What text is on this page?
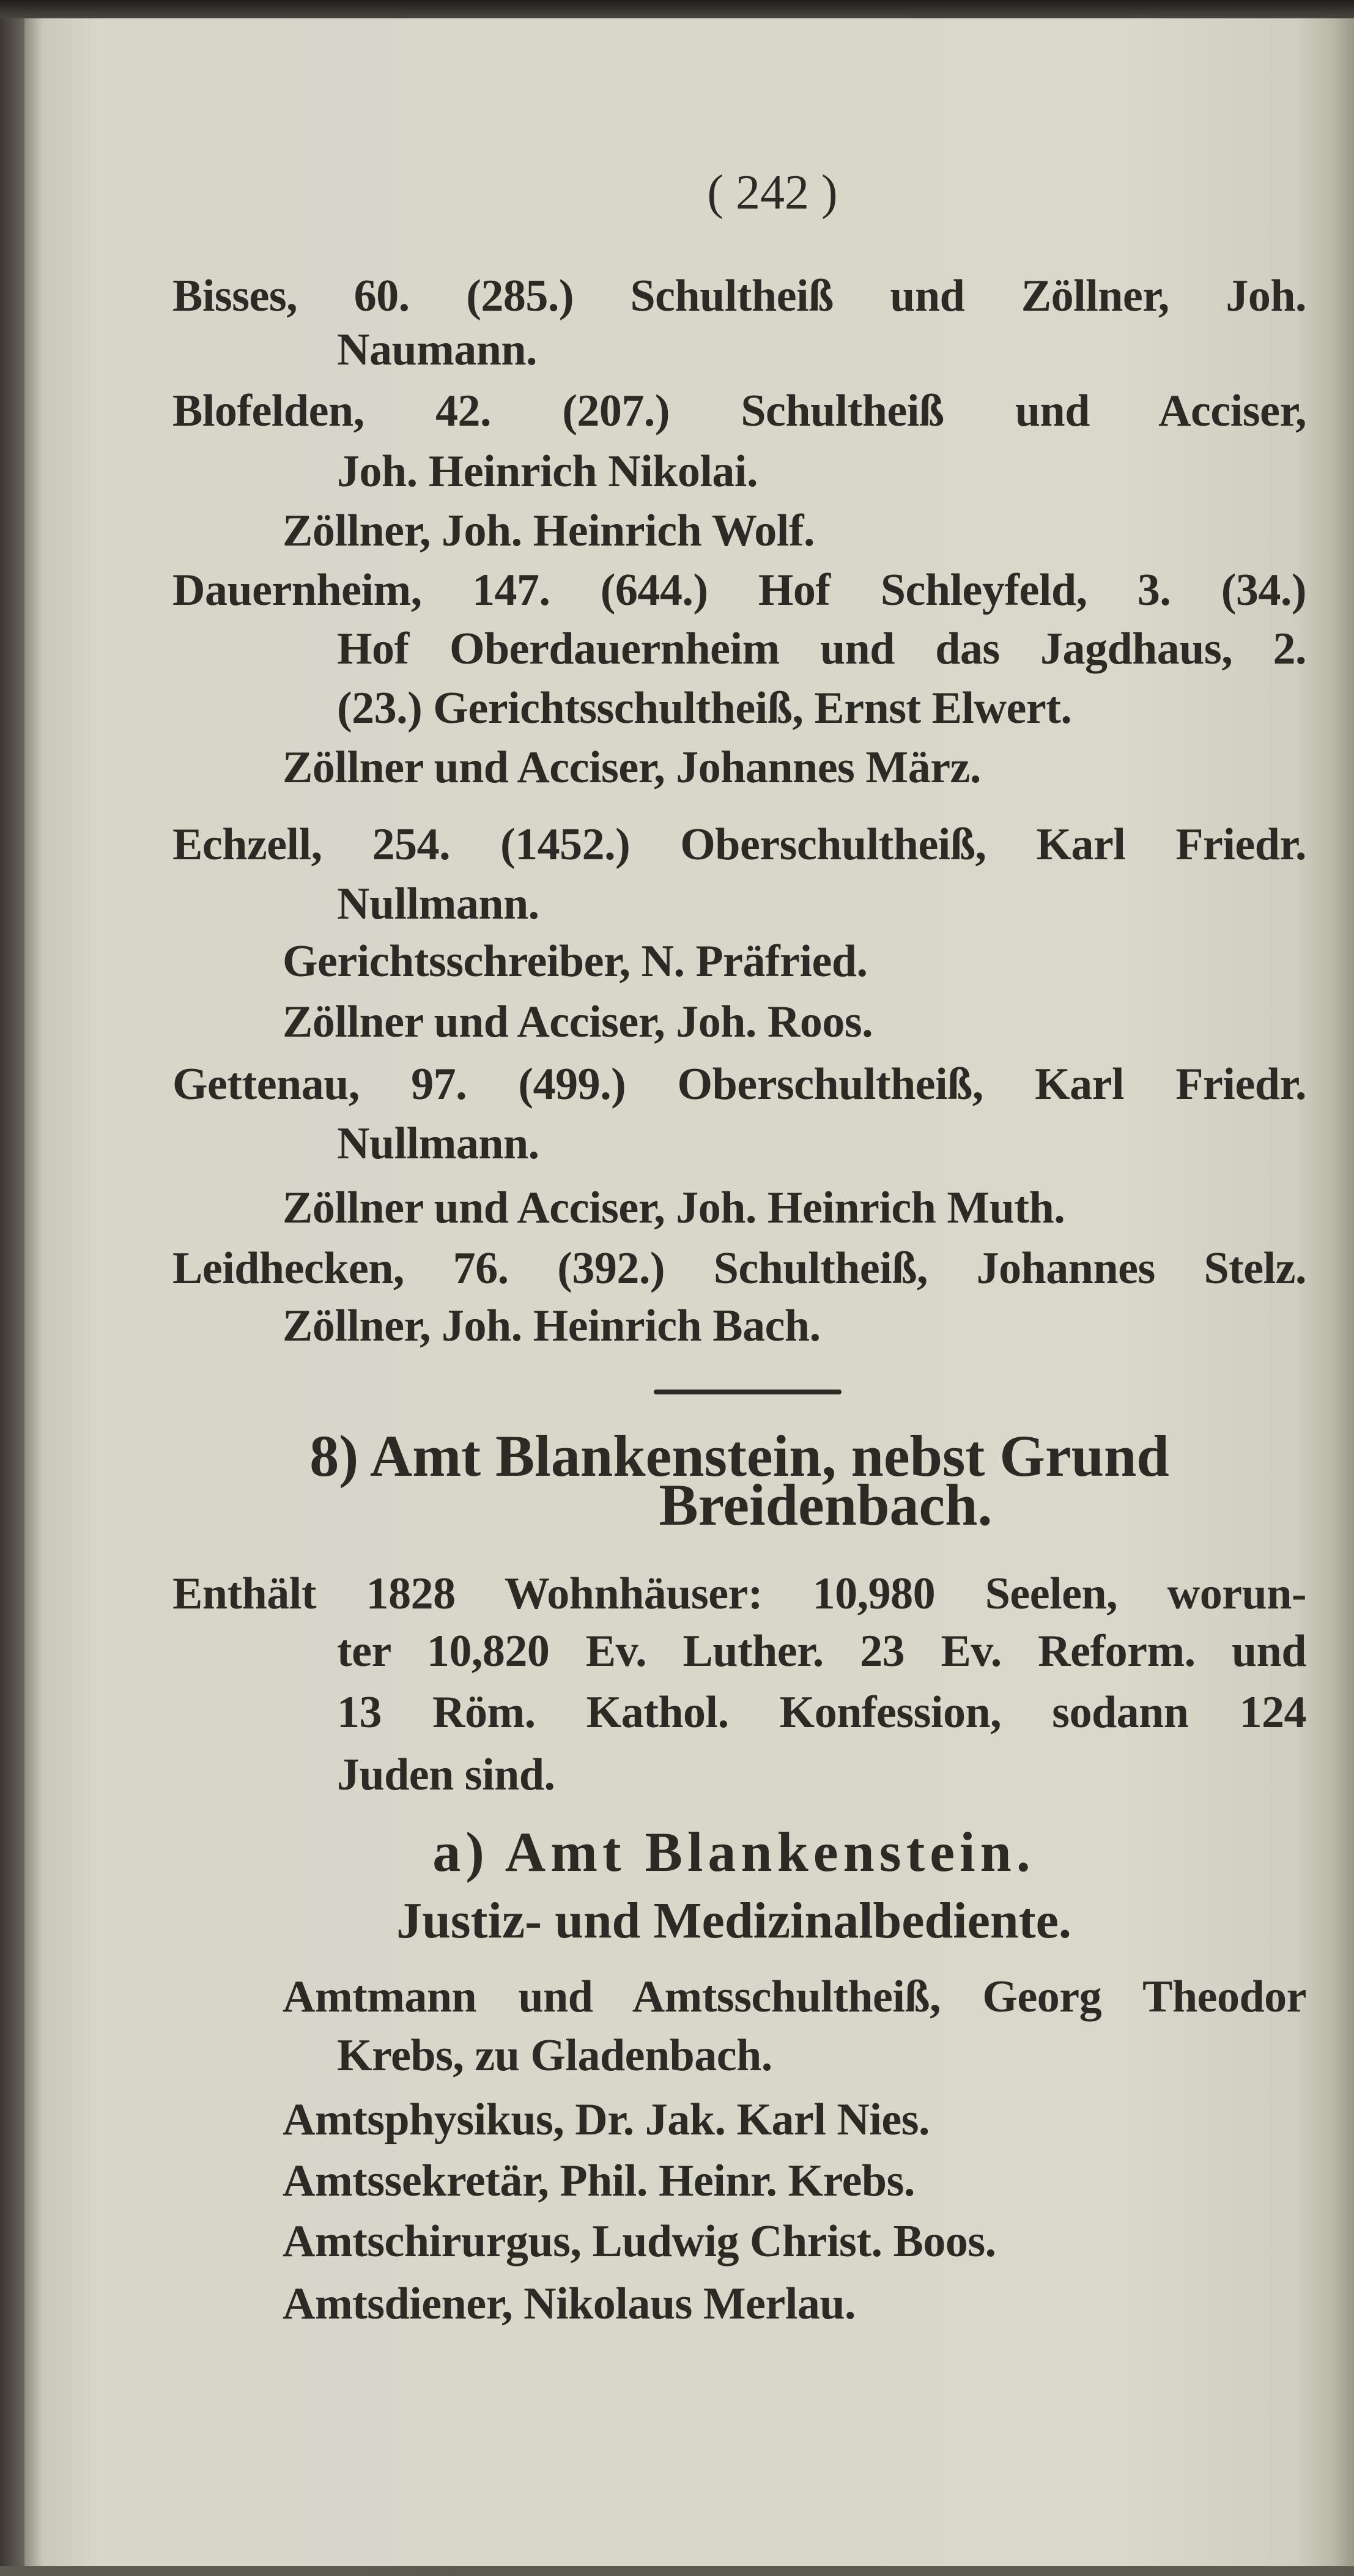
( 242 )
Bisses, 60. (285.) Schultheiß und Zöllner, Joh.
Naumann.
Blofelden, 42. (207.) Schultheiß und Acciser,
Joh. Heinrich Nikolai.
Zöllner, Joh. Heinrich Wolf.
Dauernheim, 147. (644.) Hof Schleyfeld, 3. (34.)
Hof Oberdauernheim und das Jagdhaus, 2.
(23.) Gerichtsschultheiß, Ernst Elwert.
Zöllner und Acciser, Johannes März.
Echzell, 254. (1452.) Oberschultheiß, Karl Friedr.
Nullmann.
Gerichtsschreiber, N. Präfried.
Zöllner und Acciser, Joh. Roos.
Gettenau, 97. (499.) Oberschultheiß, Karl Friedr.
Nullmann.
Zöllner und Acciser, Joh. Heinrich Muth.
Leidhecken, 76. (392.) Schultheiß, Johannes Stelz.
Zöllner, Joh. Heinrich Bach.
8) Amt Blankenstein, nebst Grund
Breidenbach.
Enthält 1828 Wohnhäuser: 10,980 Seelen, worun-
ter 10,820 Ev. Luther. 23 Ev. Reform. und
13 Röm. Kathol. Konfession, sodann 124
Juden sind.
a) Amt Blankenstein.
Justiz- und Medizinalbediente.
Amtmann und Amtsschultheiß, Georg Theodor
Krebs, zu Gladenbach.
Amtsphysikus, Dr. Jak. Karl Nies.
Amtssekretär, Phil. Heinr. Krebs.
Amtschirurgus, Ludwig Christ. Boos.
Amtsdiener, Nikolaus Merlau.
